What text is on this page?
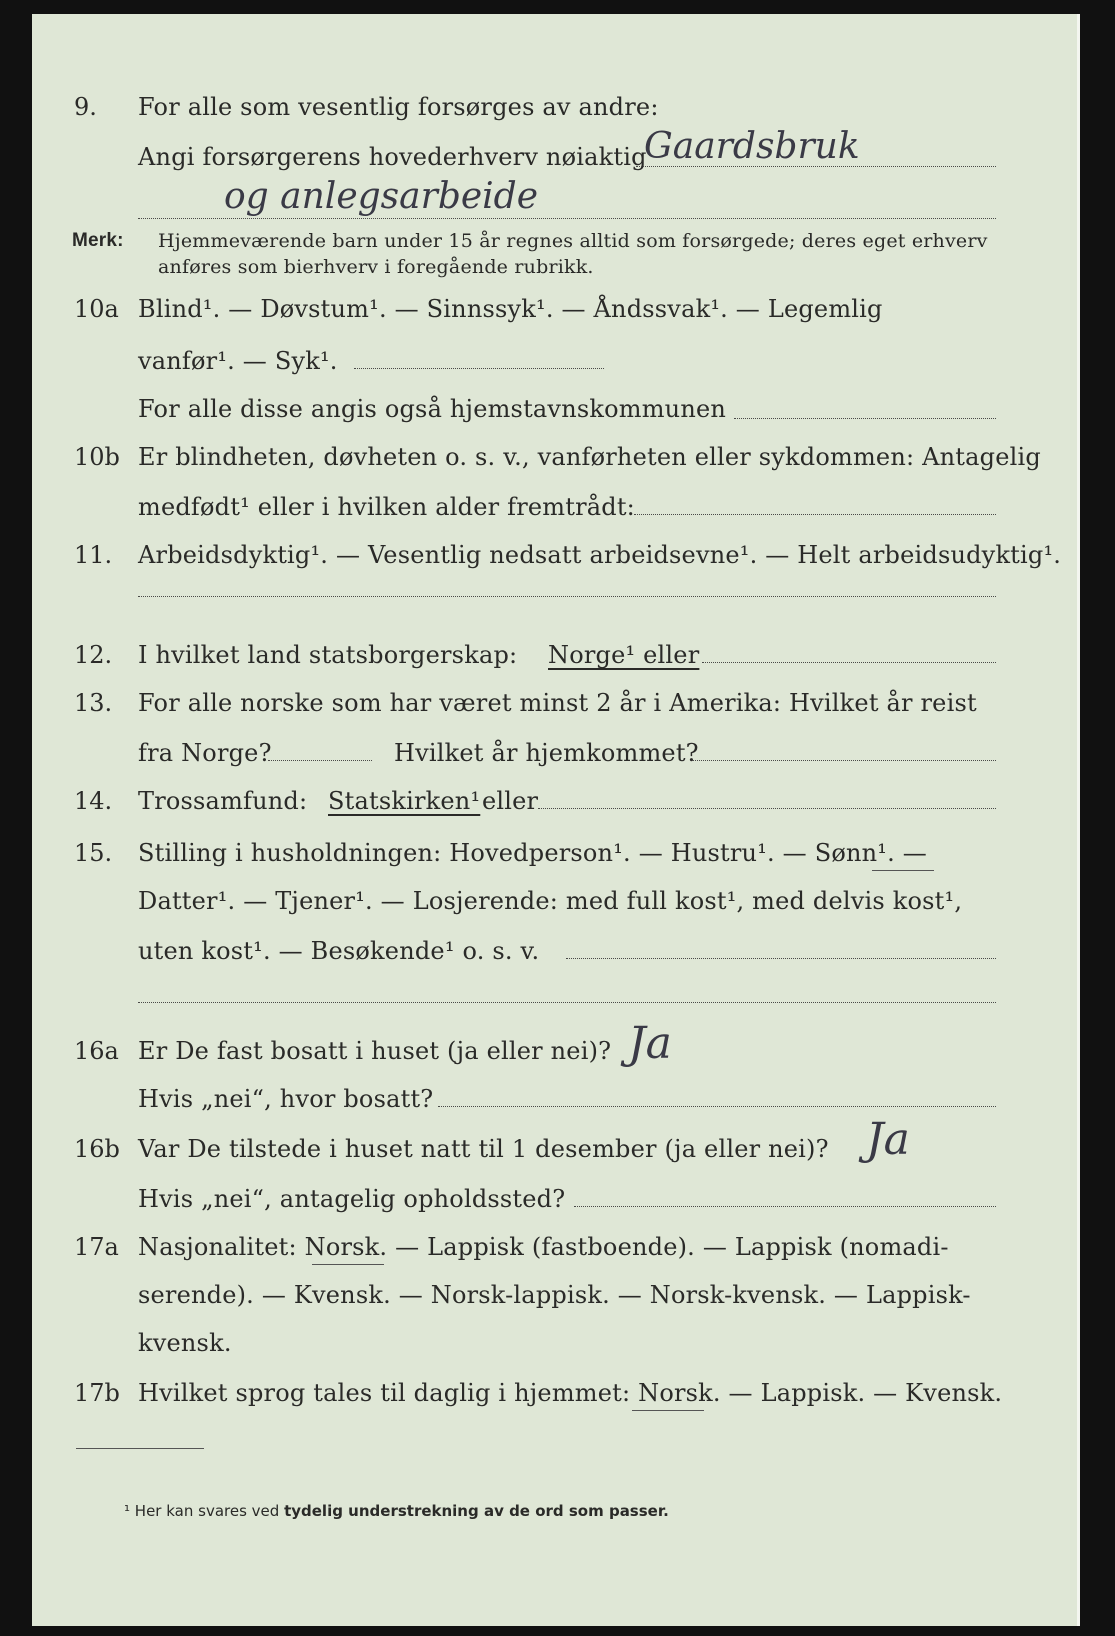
9. For alle som vesentlig forsørges av andre:
Angi forsørgerens hovederhverv nøiaktig
Gaardsbruk
og anlegsarbeide
Merk: Hjemmeværende barn under 15 år regnes alltid som forsørgede; deres eget erhverv
anføres som bierhverv i foregående rubrikk.
10a Blind¹. — Døvstum¹. — Sinnssyk¹. — Åndssvak¹. — Legemlig
vanfør¹. — Syk¹.
For alle disse angis også hjemstavnskommunen
10b Er blindheten, døvheten o. s. v., vanførheten eller sykdommen: Antagelig
medfødt¹ eller i hvilken alder fremtrådt:
11. Arbeidsdyktig¹. — Vesentlig nedsatt arbeidsevne¹. — Helt arbeidsudyktig¹.
12. I hvilket land statsborgerskap: Norge¹ eller
13. For alle norske som har været minst 2 år i Amerika: Hvilket år reist
fra Norge?	Hvilket år hjemkommet?
14. Trossamfund: Statskirken¹ eller
15. Stilling i husholdningen: Hovedperson¹. — Hustru¹. — Sønn¹. —
Datter¹. — Tjener¹. — Losjerende: med full kost¹, med delvis kost¹,
uten kost¹. — Besøkende¹ o. s. v.
16a Er De fast bosatt i huset (ja eller nei)? Ja
Hvis „nei“, hvor bosatt?
16b Var De tilstede i huset natt til 1 desember (ja eller nei)? Ja
Hvis „nei“, antagelig opholdssted?
17a Nasjonalitet: Norsk. — Lappisk (fastboende). — Lappisk (nomadi-
serende). — Kvensk. — Norsk-lappisk. — Norsk-kvensk. — Lappisk-
kvensk.
17b Hvilket sprog tales til daglig i hjemmet: Norsk. — Lappisk. — Kvensk.
¹ Her kan svares ved tydelig understrekning av de ord som passer.
